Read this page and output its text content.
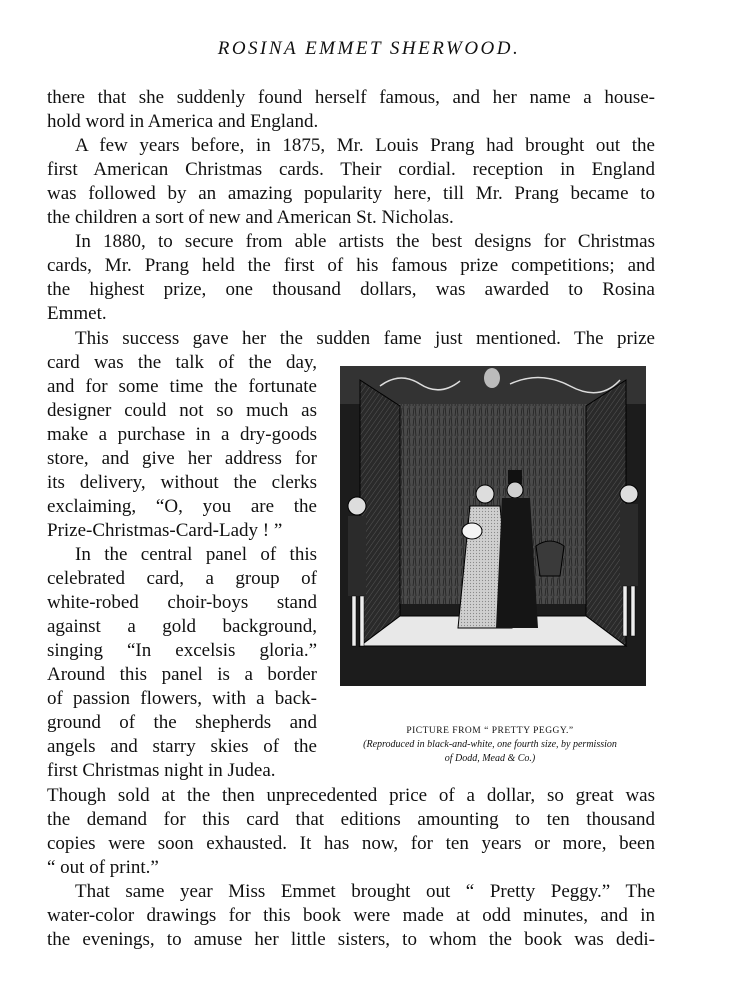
ROSINA EMMET SHERWOOD.
there that she suddenly found herself famous, and her name a house-
hold word in America and England.
A few years before, in 1875, Mr. Louis Prang had brought out the
first American Christmas cards. Their cordial. reception in England
was followed by an amazing popularity here, till Mr. Prang became to
the children a sort of new and American St. Nicholas.
In 1880, to secure from able artists the best designs for Christmas
cards, Mr. Prang held the first of his famous prize competitions; and
the highest prize, one thousand dollars, was awarded to Rosina
Emmet.
This success gave her the sudden fame just mentioned. The prize
card was the talk of the day,
and for some time the fortunate
designer could not so much as
make a purchase in a dry-goods
store, and give her address for
its delivery, without the clerks
exclaiming, “O, you are the
Prize-Christmas-Card-Lady ! ”
In the central panel of this
celebrated card, a group of
white-robed choir-boys stand
against a gold background,
singing “In excelsis gloria.”
Around this panel is a border
of passion flowers, with a back-
ground of the shepherds and
angels and starry skies of the
first Christmas night in Judea.
Though sold at the then unprecedented price of a dollar, so great was
the demand for this card that editions amounting to ten thousand
copies were soon exhausted. It has now, for ten years or more, been
“ out of print.”
That same year Miss Emmet brought out “ Pretty Peggy.” The
water-color drawings for this book were made at odd minutes, and in
the evenings, to amuse her little sisters, to whom the book was dedi-
PICTURE FROM “ PRETTY PEGGY.”
(Reproduced in black-and-white, one fourth size, by permission
of Dodd, Mead & Co.)
